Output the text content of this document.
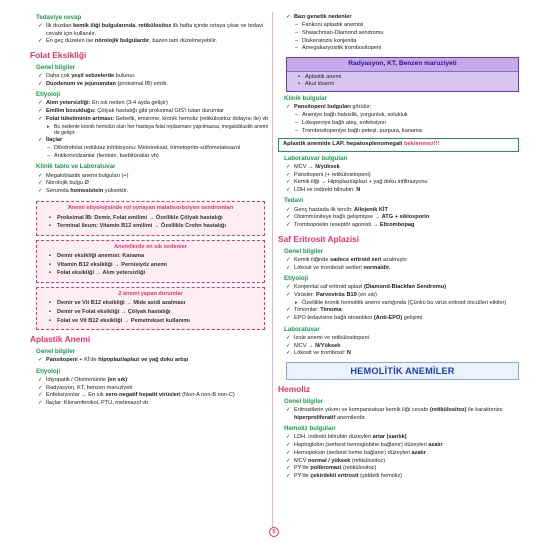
Tedaviye cevap
✓ İlk dozdan kemik iliği bulgularında, retikülositoz ilk hafta içinde ortaya çıkar ve tedavi cevabı için kullanılır.
✓ En geç düzelen ise nörolojik bulgulardır, bazen tam düzelmeyebilir.
Folat Eksikliği
Genel bilgiler
✓ Daha çok yeşil sebzelerde bulunur.
✓ Duodenum ve jejunumdan (proksimal İB) emilir.
Etiyoloji
✓ Alım yetersizliği: En sık neden (3-4 ayda gelişir)
✓ Emilim bozukluğu: Çölyak hastalığı gibi proksimal GIS'i tutan durumlar
✓ Folat tüketiminin artması: Gebelik, emzirme, kronik hemoliz (retikülositoz dolayısı ile) vb
▸ Bu nedenle kronik hemolizi olan her hastaya folat replasmanı yapılmazsa, megaloblastik anemi de gelişir.
✓ İlaçlar
– Dihidrofolat redüktaz inhibisyonu: Metotreksat, trimetoprim-sülfometaksazol
– Antikonvülzanlar (fenitoin, barbitüratlar vb)
Klinik tablo ve Laboratuvar
✓ Megaloblastik anemi bulguları (+)
✓ Nörolojik bulgu Ø
✓ Serumda homosistein yüksektir.
Anemi etiyolojisinde rol oynayan malabsorbsiyon sendromları
• Proksimal İB: Demir, Folat emilimi → Özellikle Çölyak hastalığı
• Terminal ileum: Vitamin B12 emilimi → Özellikle Crohn hastalığı
Anemilerde en sık nedenler
• Demir eksikliği anemisi: Kanama
• Vitamin B12 eksikliği → Pernisiyöz anemi
• Folat eksikliği → Alım yetersizliği
2 anemi yapan durumlar
• Demir ve Vit B12 eksikliği → Mide asidi azalması
• Demir ve Folat eksikliği → Çölyak hastalığı
• Folat ve Vit B12 eksikliği → Pemetrekset kullanımı
Aplastik Anemi
Genel bilgiler
✓ Pansitopeni + Kİ'de hipoplazi/aplazi ve yağ doku artışı
Etiyoloji
✓ İdiyopatik / Otoimmünite (en sık)
✓ Radyasyon, KT, benzen maruziyeti
✓ Enfeksiyonlar → En sık sero-negatif hepatit virüsleri (Non-A non-B non-C)
✓ İlaçlar: Kloramfenikol, PTU, metimazol vb
✓ Bazı genetik nedenler
– Fankoni aplastik anemisi
– Shwachman-Diamond sendromu
– Diskeratozis konjenita
– Amegakaryositik trombositopeni
Radyasyon, KT, Benzen maruziyeti
• Aplastik anemi
• Akut lösemi
Klinik bulgular
✓ Pansitopeni bulguları görülür:
– Aneniye bağlı halsizlik, yorgunluk, solukluk
– Lökopeniye bağlı ateş, enfeksiyon
– Trombositopeniye bağlı peteşi, purpura, kanama
Aplastik anemide LAP, hepatosplenomegali beklenmez!!!
Laboratuvar bulguları
✓ MCV → N/yüksek
✓ Pansitopeni (+ retikülositopeni)
✓ Kemik iliği → Hipoplazi/aplazi + yağ doku infiltrasyonu
✓ LDH ve indirekt bilirubin: N
Tedavi
✓ Genç hastada ilk tercih: Allojenik KİT
✓ Otoimmüniteye bağlı gelişmişse → ATG + siklosporin
✓ Trombopoetin reseptör agonisti → Eltrombopag
Saf Eritrosit Aplazisi
Genel bilgiler
✓ Kemik iliğinde sadece eritroid seri azalmıştır
✓ Lökosit ve trombosit serileri normaldir.
Etiyoloji
✓ Konjenital saf eritroid aplazi (Diamond-Blackfan Sendromu)
✓ Virüsler: Parvovirüs B19 (en sık)
▸ Özellikle kronik hemolitik anemi varlığında (Çünkü bu virüs eritroid öncülleri etkiler)
✓ Timomlar: Timoma
✓ EPO tedavisine bağlı otoantikor (Anti-EPO) gelişimi
Laboratuvar
✓ İzole anemi ve retikülositopeni
✓ MCV → N/Yüksek
✓ Lökosit ve trombosit: N
HEMOLİTİK ANEMİLER
Hemoliz
Genel bilgiler
✓ Eritrositlerin yıkımı ve kompansatuar kemik iliği cevabı (retikülositoz) ile karakterize hiperproliferatif anemilerdir.
Hemoliz bulguları
✓ LDH, indirekt bilirubin düzeyleri artar (sarılık)
✓ Haptoglobin (serbest hemoglobine bağlanır) düzeyleri azalır
✓ Hemopeksin (serbest heme bağlanır) düzeyleri azalır
✓ MCV normal / yüksek (retikülositoz)
✓ PY'de polikromazi (retikülositoz)
✓ PY'de çekirdekli eritrosit (şiddetli hemoliz)
5
